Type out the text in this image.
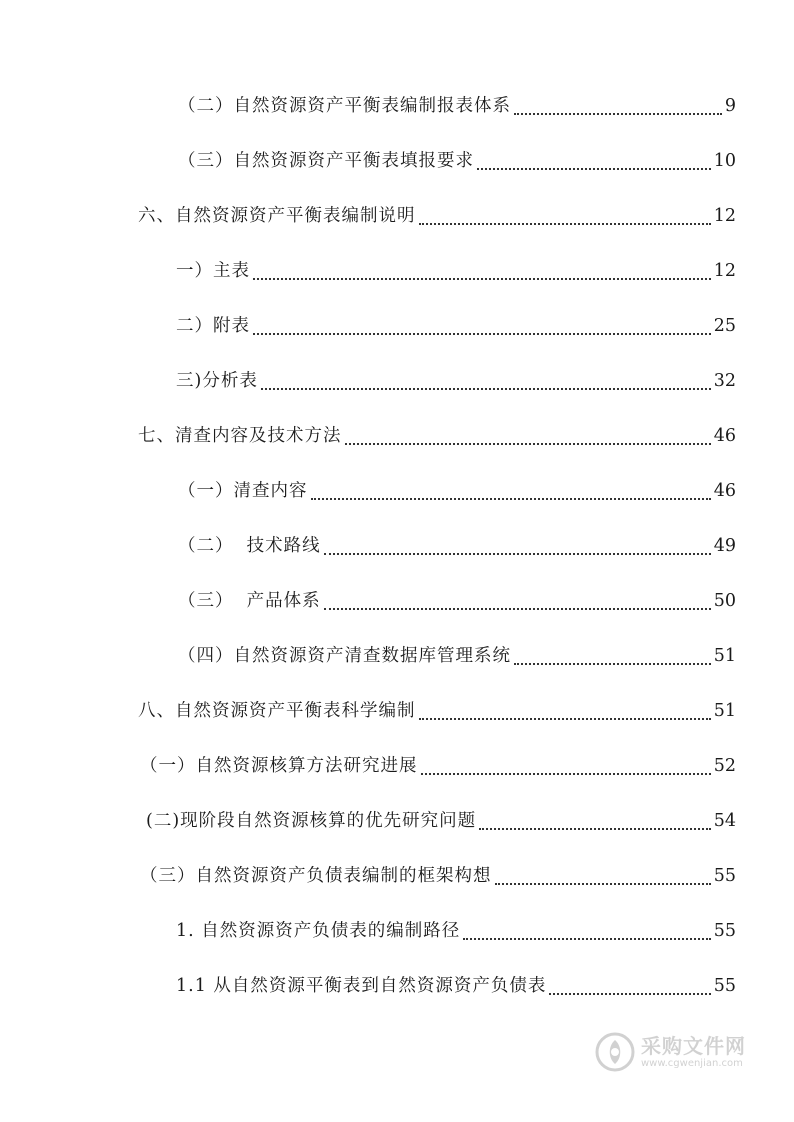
（二）自然资源资产平衡表编制报表体系	9
（三）自然资源资产平衡表填报要求	10
六、自然资源资产平衡表编制说明	12
一）主表	12
二）附表	25
三)分析表	32
七、清查内容及技术方法	46
（一）清查内容	46
（二）  技术路线	49
（三）  产品体系	50
（四）自然资源资产清查数据库管理系统	51
八、自然资源资产平衡表科学编制	51
（一）自然资源核算方法研究进展	52
(二)现阶段自然资源核算的优先研究问题	54
（三）自然资源资产负债表编制的框架构想	55
1. 自然资源资产负债表的编制路径	55
1.1 从自然资源平衡表到自然资源资产负债表	55
采购文件网
www.cgwenjian.com
